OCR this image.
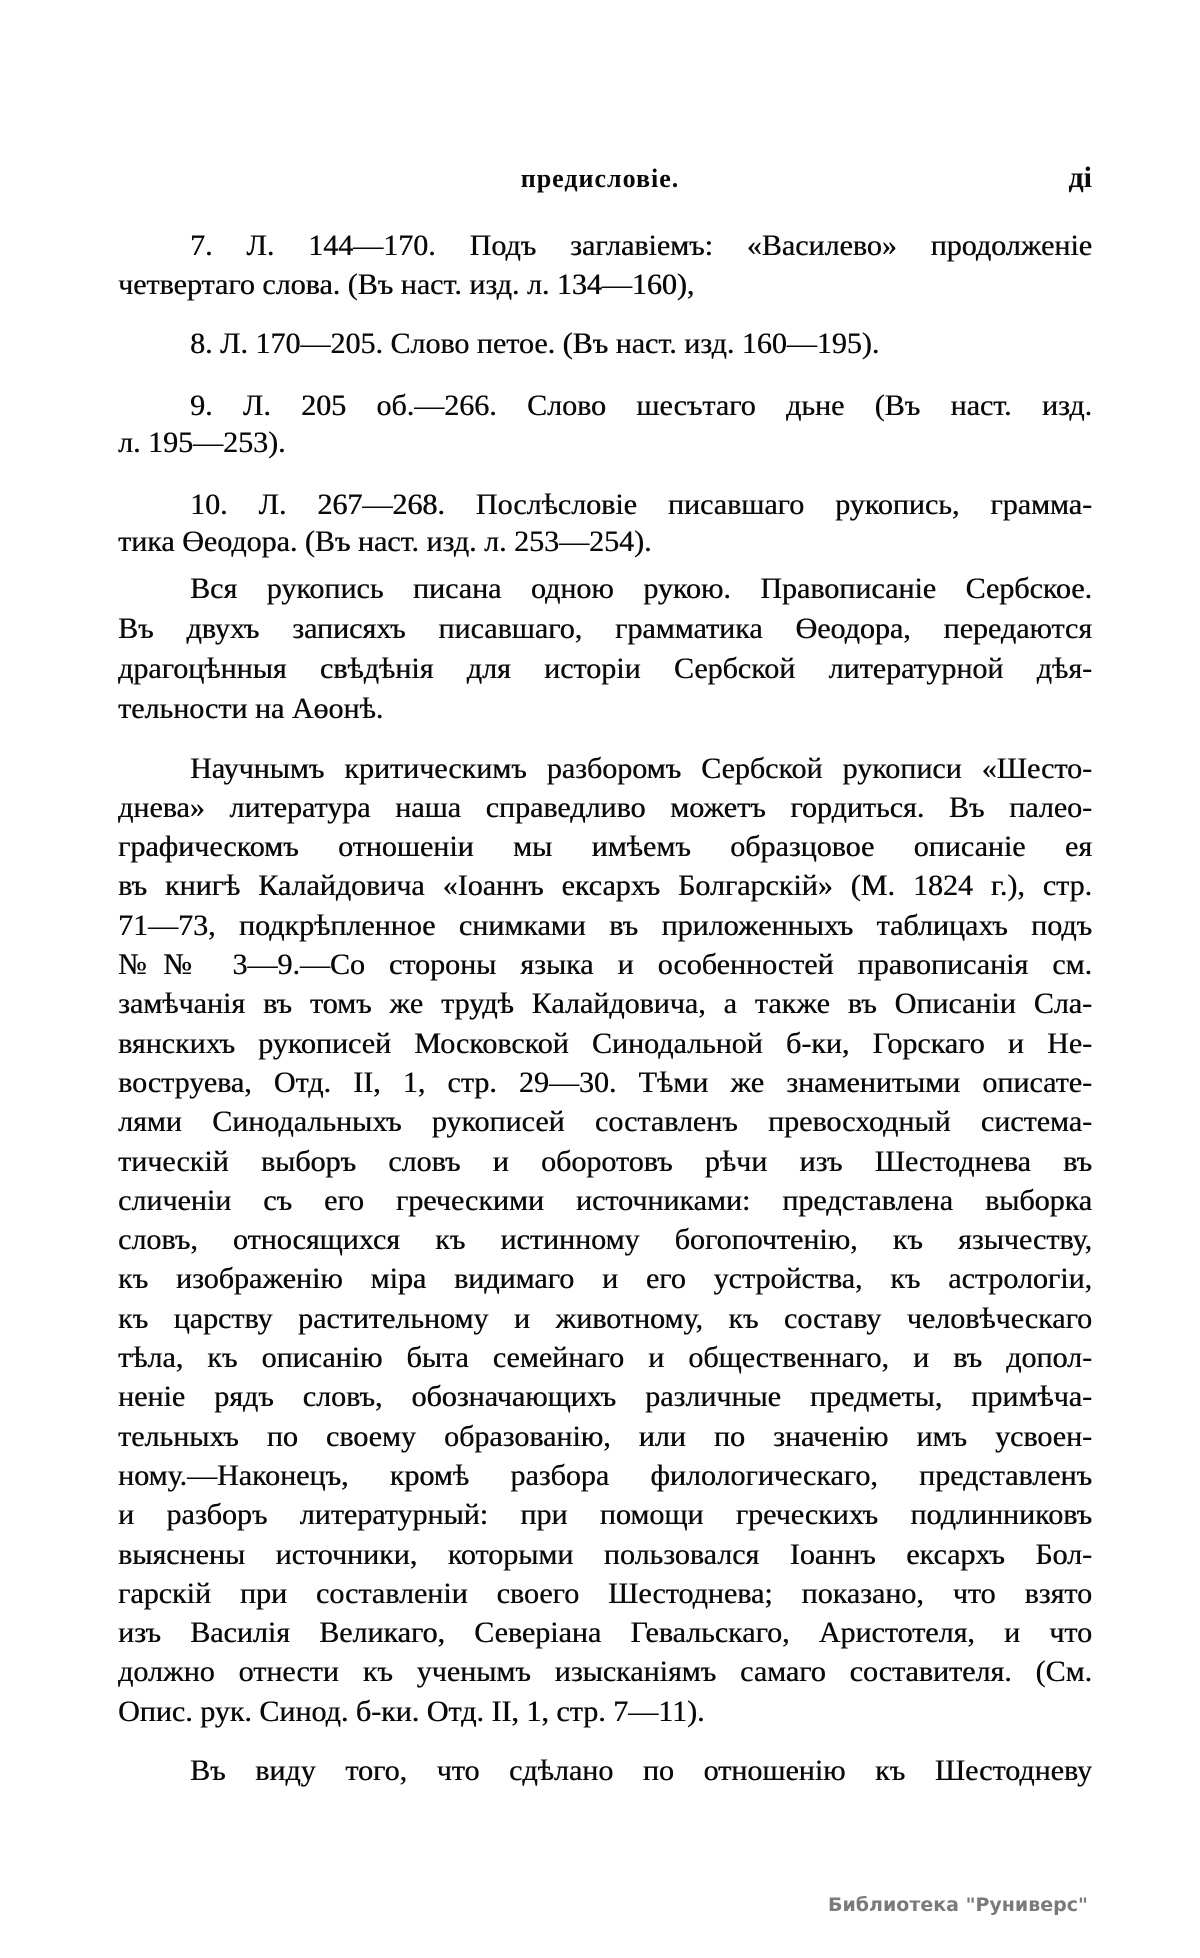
предисловіе.	ді
7. Л. 144—170. Подъ заглавіемъ: «Василево» продолженіе
четвертаго слова. (Въ наст. изд. л. 134—160),
8. Л. 170—205. Слово петое. (Въ наст. изд. 160—195).
9. Л. 205 об.—266. Слово шесътаго дьне (Въ наст. изд.
л. 195—253).
10. Л. 267—268. Послѣсловіе писавшаго рукопись, грамма-
тика Өеодора. (Въ наст. изд. л. 253—254).
Вся рукопись писана одною рукою. Правописаніе Сербское.
Въ двухъ записяхъ писавшаго, грамматика Өеодора, передаются
драгоцѣнныя свѣдѣнія для исторіи Сербской литературной дѣя-
тельности на Аөонѣ.
Научнымъ критическимъ разборомъ Сербской рукописи «Шесто-
днева» литература наша справедливо можетъ гордиться. Въ палео-
графическомъ отношеніи мы имѣемъ образцовое описаніе ея
въ книгѣ Калайдовича «Іоаннъ ексархъ Болгарскій» (М. 1824 г.), стр.
71—73, подкрѣпленное снимками въ приложенныхъ таблицахъ подъ
№№ 3—9.—Со стороны языка и особенностей правописанія см.
замѣчанія въ томъ же трудѣ Калайдовича, а также въ Описаніи Сла-
вянскихъ рукописей Московской Синодальной б-ки, Горскаго и Не-
воструева, Отд. II, 1, стр. 29—30. Тѣми же знаменитыми описате-
лями Синодальныхъ рукописей составленъ превосходный система-
тическій выборъ словъ и оборотовъ рѣчи изъ Шестоднева въ
сличеніи съ его греческими источниками: представлена выборка
словъ, относящихся къ истинному богопочтенію, къ язычеству,
къ изображенію міра видимаго и его устройства, къ астрологіи,
къ царству растительному и животному, къ составу человѣческаго
тѣла, къ описанію быта семейнаго и общественнаго, и въ допол-
неніе рядъ словъ, обозначающихъ различные предметы, примѣча-
тельныхъ по своему образованію, или по значенію имъ усвоен-
ному.—Наконецъ, кромѣ разбора филологическаго, представленъ
и разборъ литературный: при помощи греческихъ подлинниковъ
выяснены источники, которыми пользовался Іоаннъ ексархъ Бол-
гарскій при составленіи своего Шестоднева; показано, что взято
изъ Василія Великаго, Северіана Гевальскаго, Аристотеля, и что
должно отнести къ ученымъ изысканіямъ самаго составителя. (См.
Опис. рук. Синод. б-ки. Отд. II, 1, стр. 7—11).
Въ виду того, что сдѣлано по отношенію къ Шестодневу
Библиотека "Руниверс"
